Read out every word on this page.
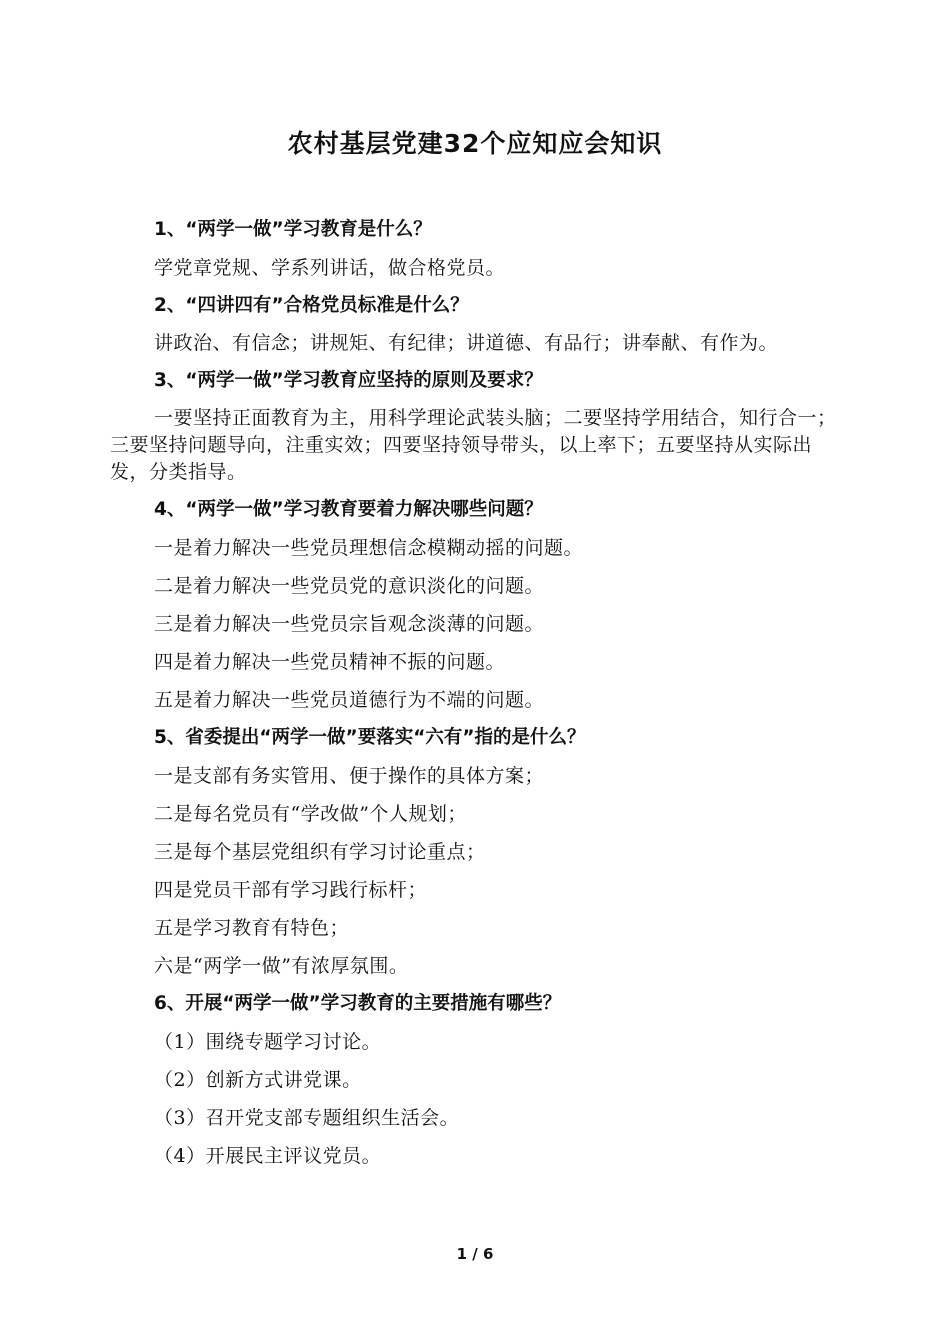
农村基层党建32个应知应会知识

1、“两学一做”学习教育是什么？

学党章党规、学系列讲话，做合格党员。

2、“四讲四有”合格党员标准是什么？

讲政治、有信念；讲规矩、有纪律；讲道德、有品行；讲奉献、有作为。

3、“两学一做”学习教育应坚持的原则及要求？

一要坚持正面教育为主，用科学理论武装头脑；二要坚持学用结合，知行合一；三要坚持问题导向，注重实效；四要坚持领导带头，以上率下；五要坚持从实际出发，分类指导。

4、“两学一做”学习教育要着力解决哪些问题？

一是着力解决一些党员理想信念模糊动摇的问题。

二是着力解决一些党员党的意识淡化的问题。

三是着力解决一些党员宗旨观念淡薄的问题。

四是着力解决一些党员精神不振的问题。

五是着力解决一些党员道德行为不端的问题。

5、省委提出“两学一做”要落实“六有”指的是什么？

一是支部有务实管用、便于操作的具体方案；

二是每名党员有“学改做”个人规划；

三是每个基层党组织有学习讨论重点；

四是党员干部有学习践行标杆；

五是学习教育有特色；

六是“两学一做”有浓厚氛围。

6、开展“两学一做”学习教育的主要措施有哪些？

（1）围绕专题学习讨论。

（2）创新方式讲党课。

（3）召开党支部专题组织生活会。

（4）开展民主评议党员。

1 / 6
